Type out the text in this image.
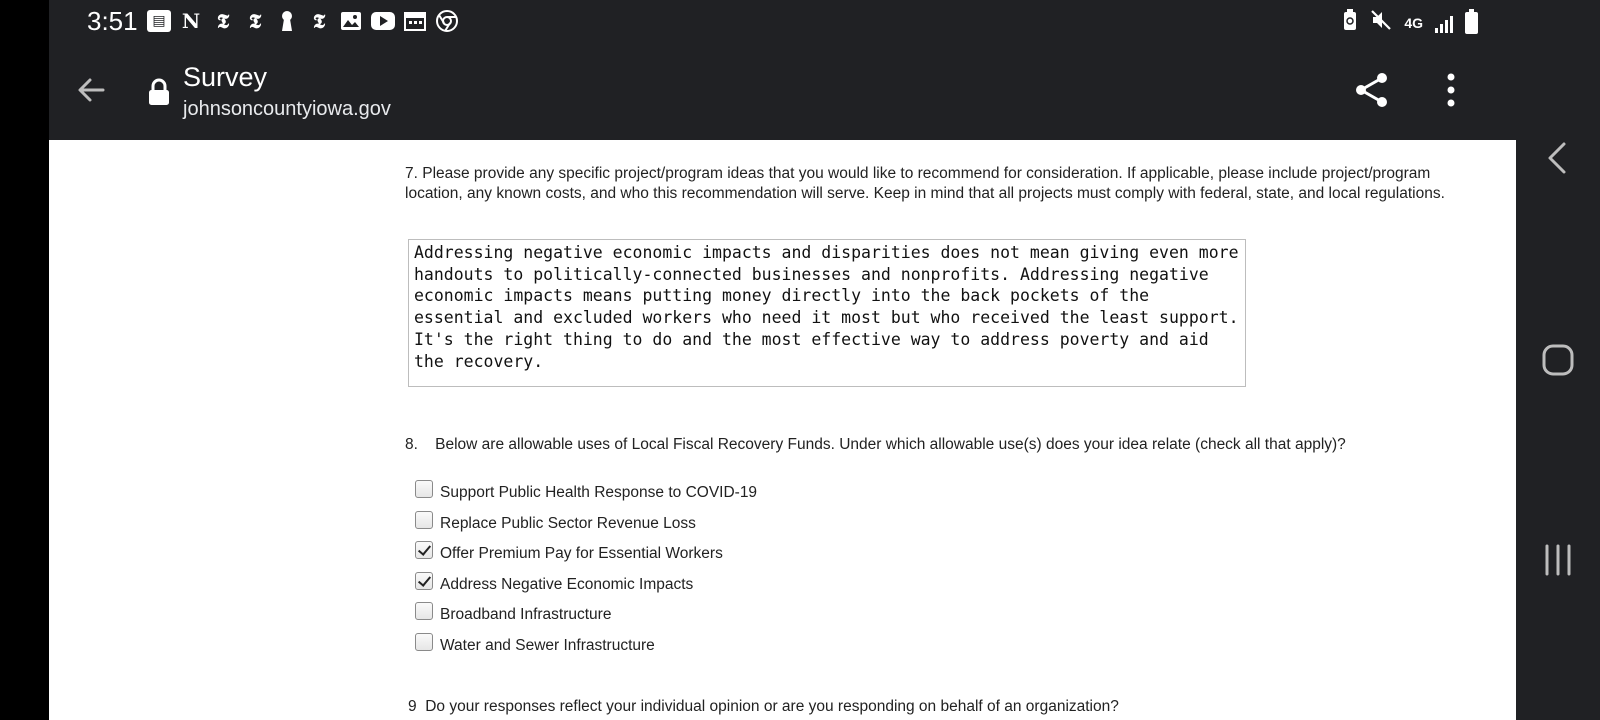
3:51	▤ N 𝕿 𝕿	𝕿	4G
Survey
johnsoncountyiowa.gov
7. Please provide any specific project/program ideas that you would like to recommend for consideration. If applicable, please include project/program location, any known costs, and who this recommendation will serve. Keep in mind that all projects must comply with federal, state, and local regulations.
Addressing negative economic impacts and disparities does not mean giving even more handouts to politically-connected businesses and nonprofits. Addressing negative economic impacts means putting money directly into the back pockets of the essential and excluded workers who need it most but who received the least support. It's the right thing to do and the most effective way to address poverty and aid the recovery.
8.    Below are allowable uses of Local Fiscal Recovery Funds. Under which allowable use(s) does your idea relate (check all that apply)?
Support Public Health Response to COVID-19
Replace Public Sector Revenue Loss
Offer Premium Pay for Essential Workers
Address Negative Economic Impacts
Broadband Infrastructure
Water and Sewer Infrastructure
9  Do your responses reflect your individual opinion or are you responding on behalf of an organization?
